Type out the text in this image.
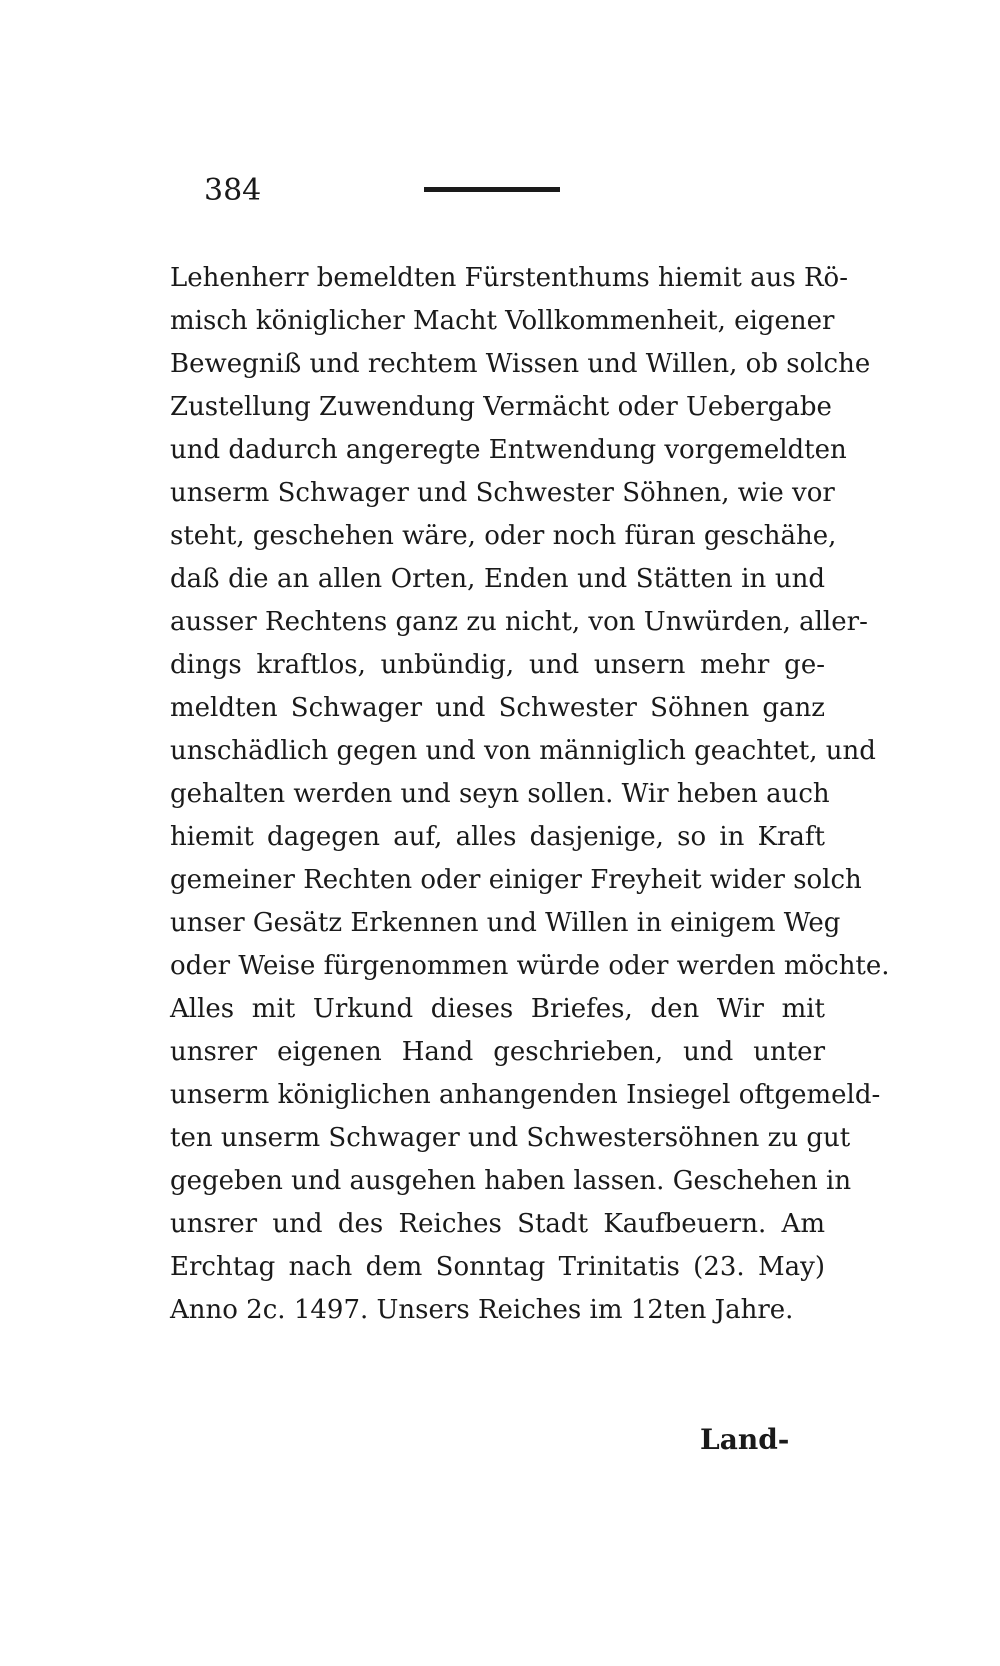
384
Lehenherr bemeldten Fürstenthums hiemit aus Rö-
misch königlicher Macht Vollkommenheit, eigener
Bewegniß und rechtem Wissen und Willen, ob solche
Zustellung Zuwendung Vermächt oder Uebergabe
und dadurch angeregte Entwendung vorgemeldten
unserm Schwager und Schwester Söhnen, wie vor
steht, geschehen wäre, oder noch füran geschähe,
daß die an allen Orten, Enden und Stätten in und
ausser Rechtens ganz zu nicht, von Unwürden, aller-
dings kraftlos, unbündig, und unsern mehr ge-
meldten Schwager und Schwester Söhnen ganz
unschädlich gegen und von männiglich geachtet, und
gehalten werden und seyn sollen. Wir heben auch
hiemit dagegen auf, alles dasjenige, so in Kraft
gemeiner Rechten oder einiger Freyheit wider solch
unser Gesätz Erkennen und Willen in einigem Weg
oder Weise fürgenommen würde oder werden möchte.
Alles mit Urkund dieses Briefes, den Wir mit
unsrer eigenen Hand geschrieben, und unter
unserm königlichen anhangenden Insiegel oftgemeld-
ten unserm Schwager und Schwestersöhnen zu gut
gegeben und ausgehen haben lassen. Geschehen in
unsrer und des Reiches Stadt Kaufbeuern. Am
Erchtag nach dem Sonntag Trinitatis (23. May)
Anno 2c. 1497. Unsers Reiches im 12ten Jahre.
Land-
